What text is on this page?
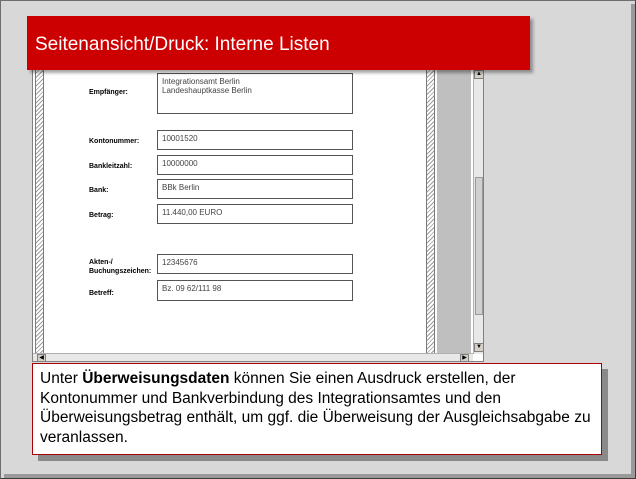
Empfänger:
Integrationsamt Berlin
Landeshauptkasse Berlin
Kontonummer:	10001520
Bankleitzahl:	10000000
Bank:	BBk Berlin
Betrag:	11.440,00 EURO
Akten-/
Buchungszeichen:
12345676
Betreff:
Bz. 09 62/111 98
▲
▼
◀	▶
Seitenansicht/Druck: Interne Listen
Unter Überweisungsdaten können Sie einen Ausdruck erstellen, der Kontonummer und Bankverbindung des Integrationsamtes und den Überweisungsbetrag enthält, um ggf. die Überweisung der Ausgleichsabgabe zu veranlassen.
